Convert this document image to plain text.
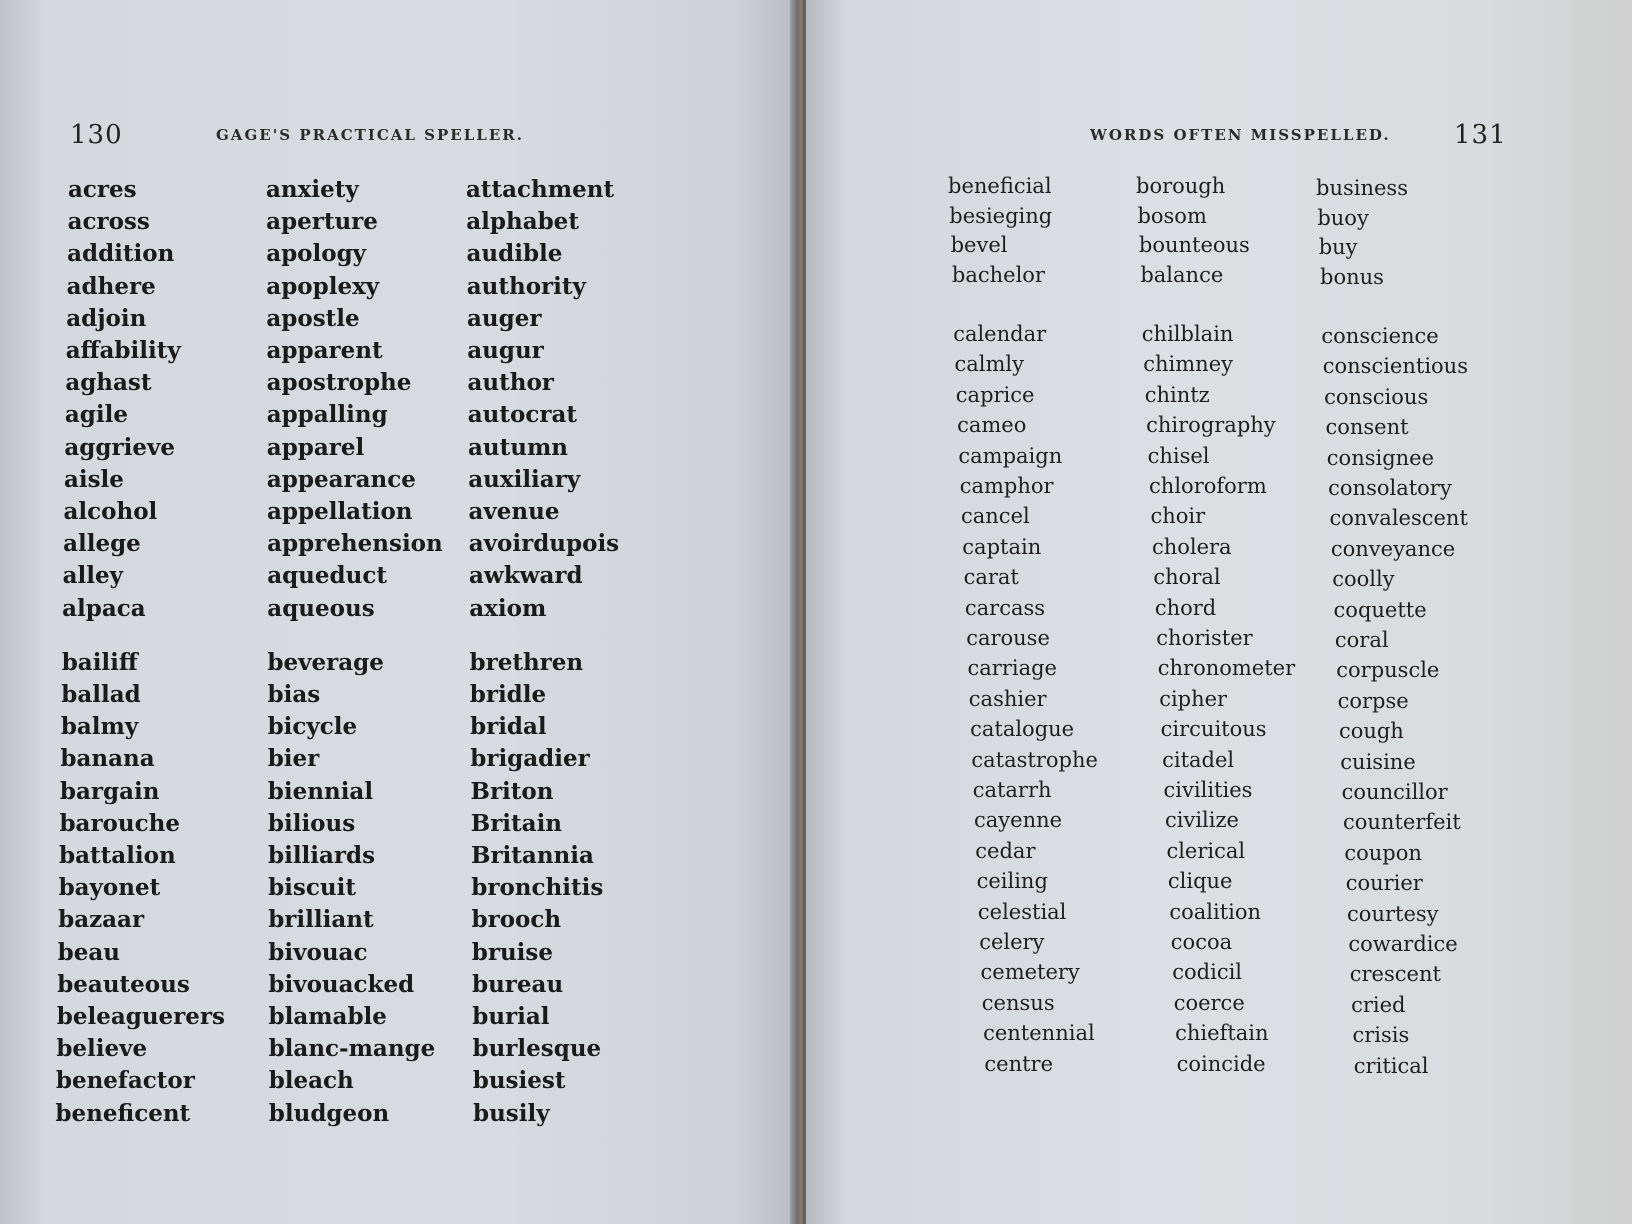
130	GAGE'S PRACTICAL SPELLER.
acres
across
addition
adhere
adjoin
affability
aghast
agile
aggrieve
aisle
alcohol
allege
alley
alpaca
bailiff
ballad
balmy
banana
bargain
barouche
battalion
bayonet
bazaar
beau
beauteous
beleaguerers
believe
benefactor
beneficent
anxiety
aperture
apology
apoplexy
apostle
apparent
apostrophe
appalling
apparel
appearance
appellation
apprehension
aqueduct
aqueous
beverage
bias
bicycle
bier
biennial
bilious
billiards
biscuit
brilliant
bivouac
bivouacked
blamable
blanc-mange
bleach
bludgeon
attachment
alphabet
audible
authority
auger
augur
author
autocrat
autumn
auxiliary
avenue
avoirdupois
awkward
axiom
brethren
bridle
bridal
brigadier
Briton
Britain
Britannia
bronchitis
brooch
bruise
bureau
burial
burlesque
busiest
busily
WORDS OFTEN MISSPELLED. 131
beneficial
besieging
bevel
bachelor
calendar
calmly
caprice
cameo
campaign
camphor
cancel
captain
carat
carcass
carouse
carriage
cashier
catalogue
catastrophe
catarrh
cayenne
cedar
ceiling
celestial
celery
cemetery
census
centennial
centre
borough
bosom
bounteous
balance
chilblain
chimney
chintz
chirography
chisel
chloroform
choir
cholera
choral
chord
chorister
chronometer
cipher
circuitous
citadel
civilities
civilize
clerical
clique
coalition
cocoa
codicil
coerce
chieftain
coincide
business
buoy
buy
bonus
conscience
conscientious
conscious
consent
consignee
consolatory
convalescent
conveyance
coolly
coquette
coral
corpuscle
corpse
cough
cuisine
councillor
counterfeit
coupon
courier
courtesy
cowardice
crescent
cried
crisis
critical
